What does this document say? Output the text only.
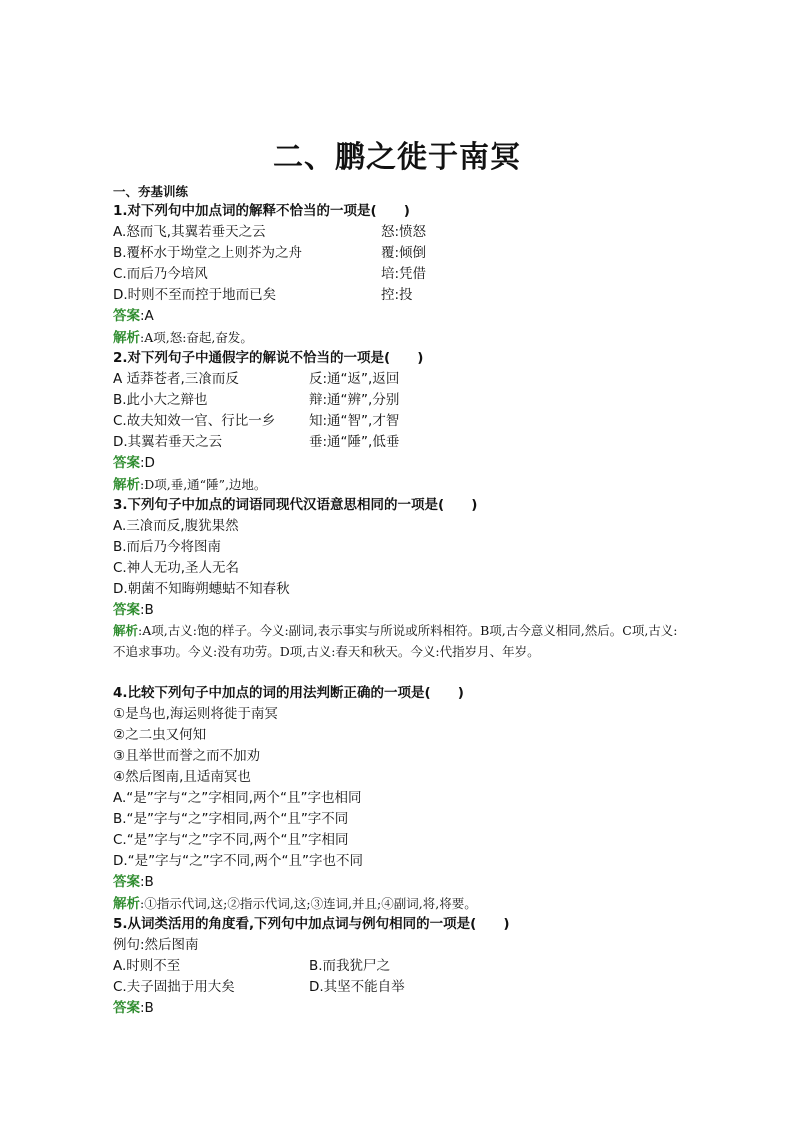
二、鹏之徙于南冥
一、夯基训练
1.对下列句中加点词的解释不恰当的一项是(　　)
A.怒而飞,其翼若垂天之云	怒:愤怒
B.覆杯水于坳堂之上则芥为之舟	覆:倾倒
C.而后乃今培风	培:凭借
D.时则不至而控于地而已矣	控:投
答案:A
解析:A项,怒:奋起,奋发。
2.对下列句子中通假字的解说不恰当的一项是(　　)
A 适莽苍者,三飡而反	反:通“返”,返回
B.此小大之辩也	辩:通“辨”,分别
C.故夫知效一官、行比一乡	知:通“智”,才智
D.其翼若垂天之云	垂:通“陲”,低垂
答案:D
解析:D项,垂,通“陲”,边地。
3.下列句子中加点的词语同现代汉语意思相同的一项是(　　)
A.三飡而反,腹犹果然
B.而后乃今将图南
C.神人无功,圣人无名
D.朝菌不知晦朔蟪蛄不知春秋
答案:B
解析:A项,古义:饱的样子。今义:副词,表示事实与所说或所料相符。B项,古今意义相同,然后。C项,古义:不追求事功。今义:没有功劳。D项,古义:春天和秋天。今义:代指岁月、年岁。
4.比较下列句子中加点的词的用法判断正确的一项是(　　)
①是鸟也,海运则将徙于南冥
②之二虫又何知
③且举世而誉之而不加劝
④然后图南,且适南冥也
A.“是”字与“之”字相同,两个“且”字也相同
B.“是”字与“之”字相同,两个“且”字不同
C.“是”字与“之”字不同,两个“且”字相同
D.“是”字与“之”字不同,两个“且”字也不同
答案:B
解析:①指示代词,这;②指示代词,这;③连词,并且;④副词,将,将要。
5.从词类活用的角度看,下列句中加点词与例句相同的一项是(　　)
例句:然后图南
A.时则不至	B.而我犹尸之
C.夫子固拙于用大矣	D.其坚不能自举
答案:B
